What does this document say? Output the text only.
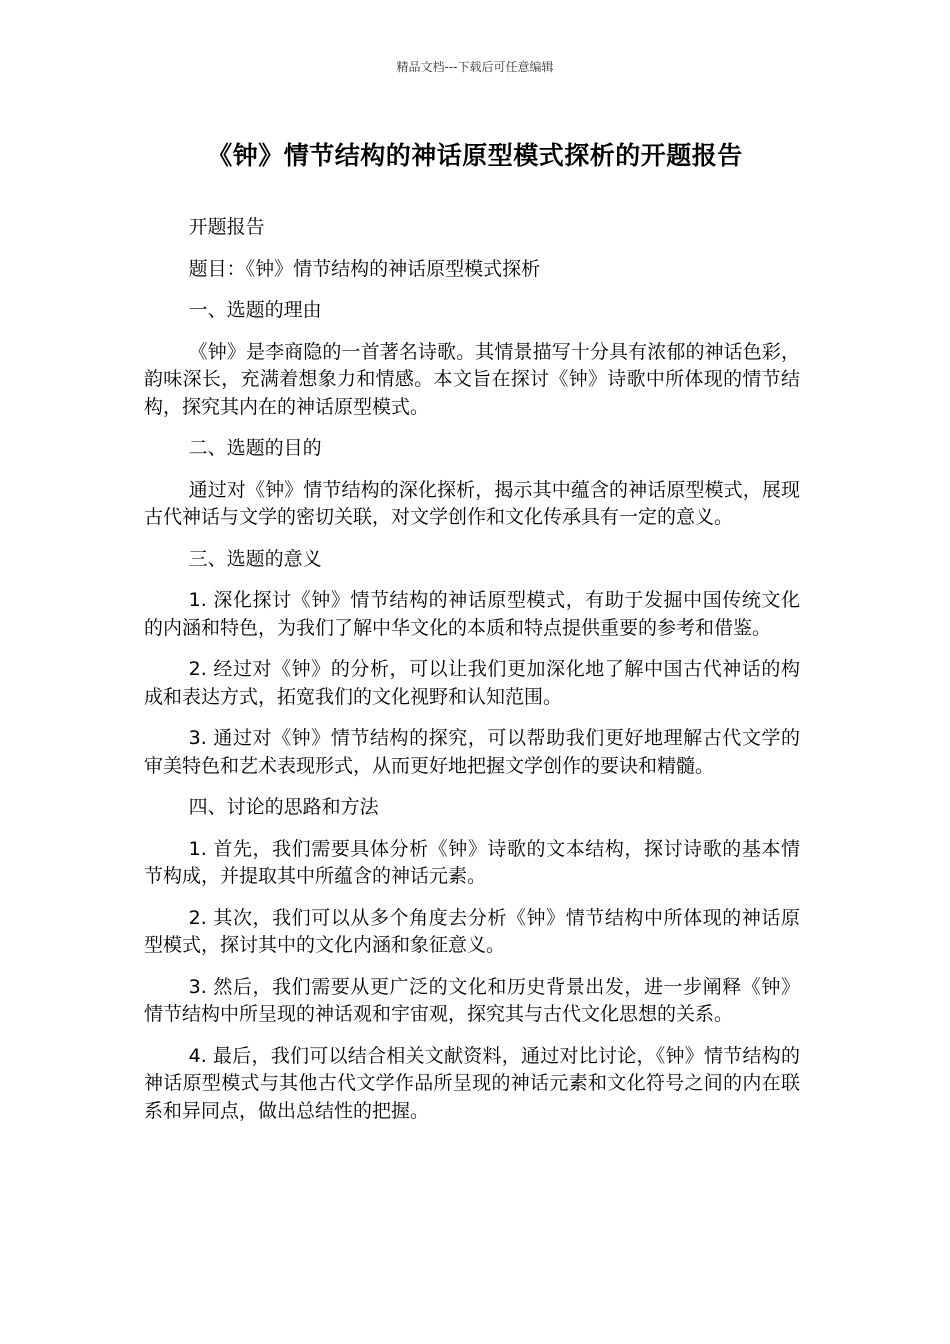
精品文档---下载后可任意编辑
《钟》情节结构的神话原型模式探析的开题报告

开题报告

题目：《钟》情节结构的神话原型模式探析

一、选题的理由

《钟》是李商隐的一首著名诗歌。其情景描写十分具有浓郁的神话色彩，韵味深长，充满着想象力和情感。本文旨在探讨《钟》诗歌中所体现的情节结构，探究其内在的神话原型模式。

二、选题的目的

通过对《钟》情节结构的深化探析，揭示其中蕴含的神话原型模式，展现古代神话与文学的密切关联，对文学创作和文化传承具有一定的意义。

三、选题的意义

1. 深化探讨《钟》情节结构的神话原型模式，有助于发掘中国传统文化的内涵和特色，为我们了解中华文化的本质和特点提供重要的参考和借鉴。

2. 经过对《钟》的分析，可以让我们更加深化地了解中国古代神话的构成和表达方式，拓宽我们的文化视野和认知范围。

3. 通过对《钟》情节结构的探究，可以帮助我们更好地理解古代文学的审美特色和艺术表现形式，从而更好地把握文学创作的要诀和精髓。

四、讨论的思路和方法

1. 首先，我们需要具体分析《钟》诗歌的文本结构，探讨诗歌的基本情节构成，并提取其中所蕴含的神话元素。

2. 其次，我们可以从多个角度去分析《钟》情节结构中所体现的神话原型模式，探讨其中的文化内涵和象征意义。

3. 然后，我们需要从更广泛的文化和历史背景出发，进一步阐释《钟》情节结构中所呈现的神话观和宇宙观，探究其与古代文化思想的关系。

4. 最后，我们可以结合相关文献资料，通过对比讨论，《钟》情节结构的神话原型模式与其他古代文学作品所呈现的神话元素和文化符号之间的内在联系和异同点，做出总结性的把握。
